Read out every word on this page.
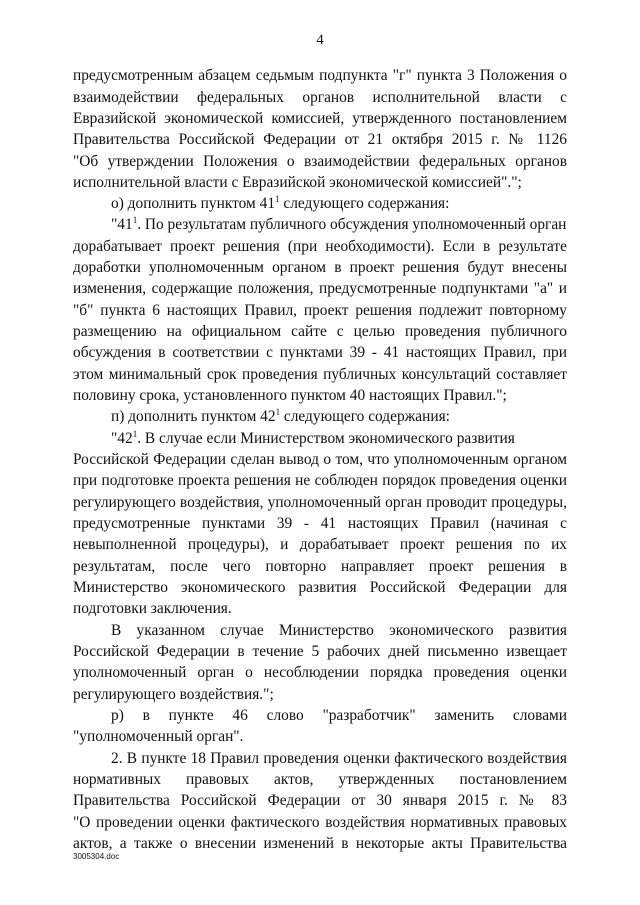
4
предусмотренным абзацем седьмым подпункта "г" пункта 3 Положения о
взаимодействии федеральных органов исполнительной власти с
Евразийской экономической комиссией, утвержденного постановлением
Правительства Российской Федерации от 21 октября 2015 г. № 1126
"Об утверждении Положения о взаимодействии федеральных органов
исполнительной власти с Евразийской экономической комиссией".";
о) дополнить пунктом $41^1$ следующего содержания:
"$41^1$. По результатам публичного обсуждения уполномоченный орган
дорабатывает проект решения (при необходимости). Если в результате
доработки уполномоченным органом в проект решения будут внесены
изменения, содержащие положения, предусмотренные подпунктами "а" и
"б" пункта 6 настоящих Правил, проект решения подлежит повторному
размещению на официальном сайте с целью проведения публичного
обсуждения в соответствии с пунктами 39 - 41 настоящих Правил, при
этом минимальный срок проведения публичных консультаций составляет
половину срока, установленного пунктом 40 настоящих Правил.";
п) дополнить пунктом $42^1$ следующего содержания:
"$42^1$. В случае если Министерством экономического развития
Российской Федерации сделан вывод о том, что уполномоченным органом
при подготовке проекта решения не соблюден порядок проведения оценки
регулирующего воздействия, уполномоченный орган проводит процедуры,
предусмотренные пунктами 39 - 41 настоящих Правил (начиная с
невыполненной процедуры), и дорабатывает проект решения по их
результатам, после чего повторно направляет проект решения в
Министерство экономического развития Российской Федерации для
подготовки заключения.
В указанном случае Министерство экономического развития
Российской Федерации в течение 5 рабочих дней письменно извещает
уполномоченный орган о несоблюдении порядка проведения оценки
регулирующего воздействия.";
р) в пункте 46 слово "разработчик" заменить словами
"уполномоченный орган".
2. В пункте 18 Правил проведения оценки фактического воздействия
нормативных правовых актов, утвержденных постановлением
Правительства Российской Федерации от 30 января 2015 г. № 83
"О проведении оценки фактического воздействия нормативных правовых
актов, а также о внесении изменений в некоторые акты Правительства
3005304.doc
